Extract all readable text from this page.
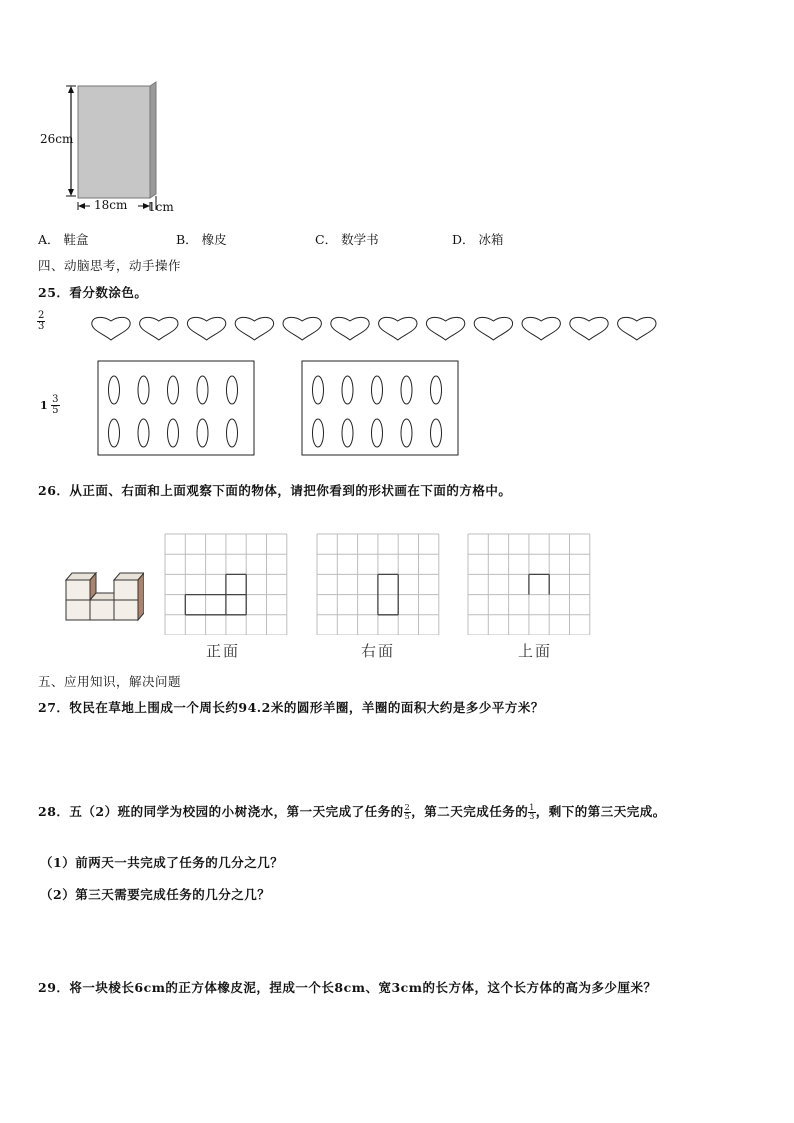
26cm
18cm 1cm
A． 鞋盒	B． 橡皮	C． 数学书	D． 冰箱
四、动脑思考，动手操作
25．看分数涂色。
$\frac{2}{3}$
$1 \frac{3}{5}$
26．从正面、右面和上面观察下面的物体，请把你看到的形状画在下面的方格中。
正面	右面	上面
五、应用知识，解决问题
27．牧民在草地上围成一个周长约94.2米的圆形羊圈，羊圈的面积大约是多少平方米？
28．五（2）班的同学为校园的小树浇水，第一天完成了任务的 $\frac{2}{5}$ ，第二天完成任务的 $\frac{1}{3}$ ，剩下的第三天完成。
（1）前两天一共完成了任务的几分之几？
（2）第三天需要完成任务的几分之几？
29．将一块棱长6cm的正方体橡皮泥，捏成一个长8cm、宽3cm的长方体，这个长方体的高为多少厘米？
